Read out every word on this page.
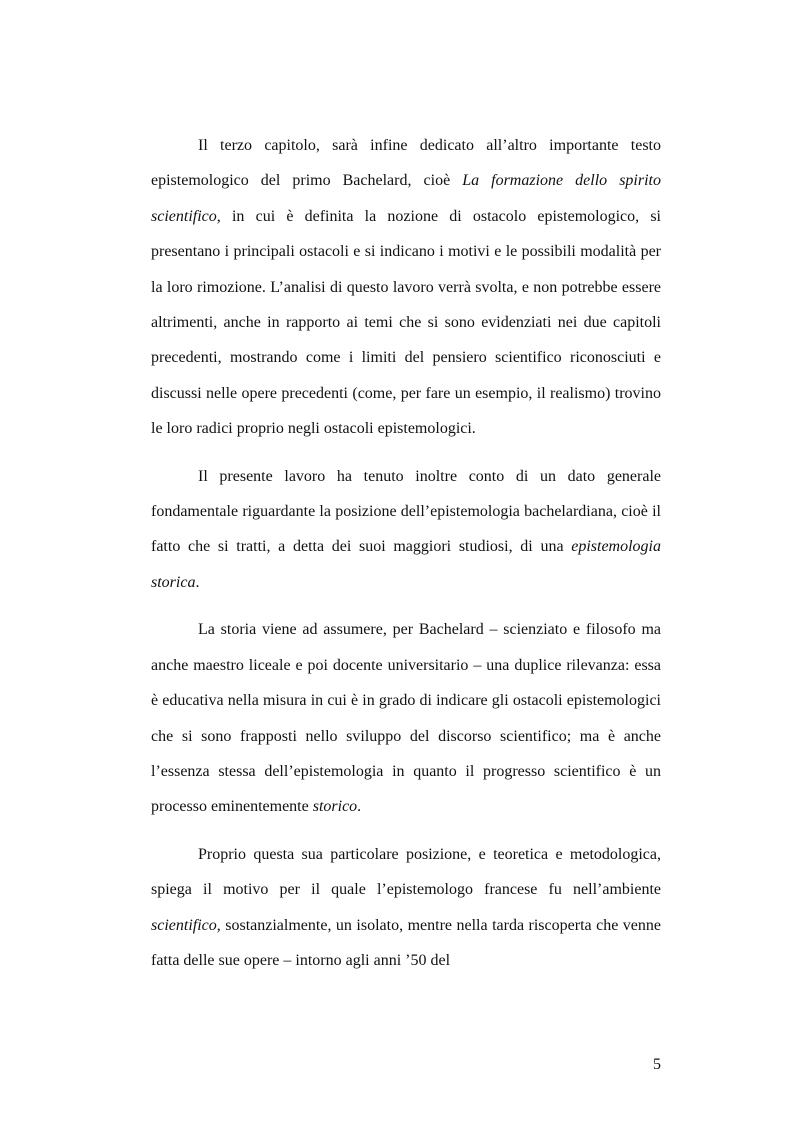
Il terzo capitolo, sarà infine dedicato all’altro importante testo epistemologico del primo Bachelard, cioè La formazione dello spirito scientifico, in cui è definita la nozione di ostacolo epistemologico, si presentano i principali ostacoli e si indicano i motivi e le possibili modalità per la loro rimozione. L’analisi di questo lavoro verrà svolta, e non potrebbe essere altrimenti, anche in rapporto ai temi che si sono evidenziati nei due capitoli precedenti, mostrando come i limiti del pensiero scientifico riconosciuti e discussi nelle opere precedenti (come, per fare un esempio, il realismo) trovino le loro radici proprio negli ostacoli epistemologici.

Il presente lavoro ha tenuto inoltre conto di un dato generale fondamentale riguardante la posizione dell’epistemologia bachelardiana, cioè il fatto che si tratti, a detta dei suoi maggiori studiosi, di una epistemologia storica.

La storia viene ad assumere, per Bachelard – scienziato e filosofo ma anche maestro liceale e poi docente universitario – una duplice rilevanza: essa è educativa nella misura in cui è in grado di indicare gli ostacoli epistemologici che si sono frapposti nello sviluppo del discorso scientifico; ma è anche l’essenza stessa dell’epistemologia in quanto il progresso scientifico è un processo eminentemente storico.

Proprio questa sua particolare posizione, e teoretica e metodologica, spiega il motivo per il quale l’epistemologo francese fu nell’ambiente scientifico, sostanzialmente, un isolato, mentre nella tarda riscoperta che venne fatta delle sue opere – intorno agli anni ’50 del

5
